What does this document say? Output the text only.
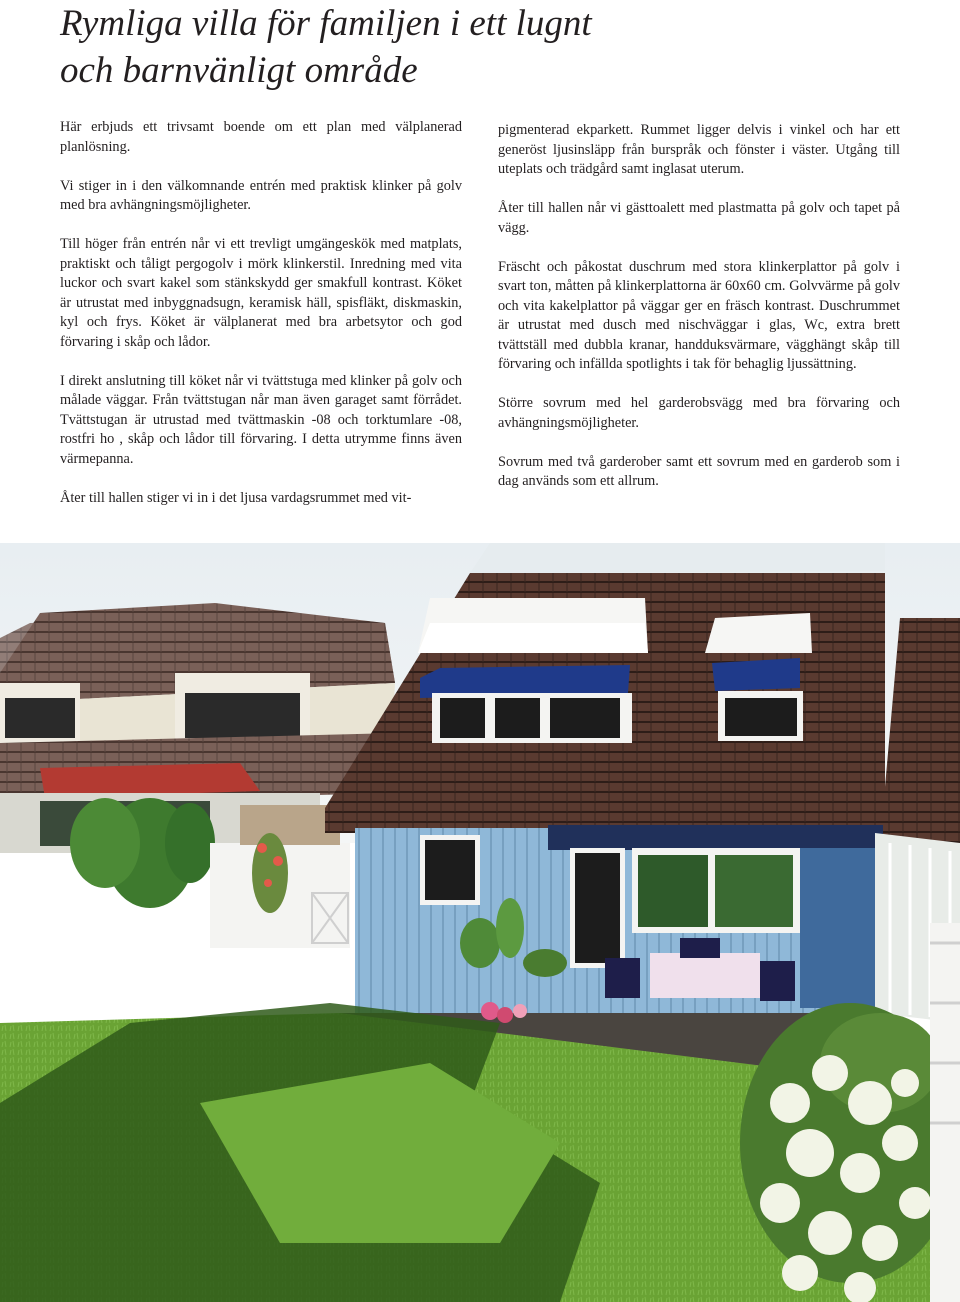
Rymliga villa för familjen i ett lugnt
och barnvänligt område

Här erbjuds ett trivsamt boende om ett plan med välplanerad planlösning.

Vi stiger in i den välkomnande entrén med praktisk klinker på golv med bra avhängningsmöjligheter.

Till höger från entrén når vi ett trevligt umgängeskök med matplats, praktiskt och tåligt pergogolv i mörk klinkerstil. Inredning med vita luckor och svart kakel som stänkskydd ger smakfull kontrast. Köket är utrustat med inbyggnadsugn, keramisk häll, spisfläkt, diskmaskin, kyl och frys. Köket är välplanerat med bra arbetsytor och god förvaring i skåp och lådor.

I direkt anslutning till köket når vi tvättstuga med klinker på golv och målade väggar. Från tvättstugan når man även garaget samt förrådet. Tvättstugan är utrustad med tvättmaskin -08 och torktumlare -08, rostfri ho , skåp och lådor till förvaring. I detta utrymme finns även värmepanna.

Åter till hallen stiger vi in i det ljusa vardagsrummet med vit-

pigmenterad ekparkett. Rummet ligger delvis i vinkel och har ett generöst ljusinsläpp från burspråk och fönster i väster. Utgång till uteplats och trädgård samt inglasat uterum.

Åter till hallen når vi gästtoalett med plastmatta på golv och tapet på vägg.

Fräscht och påkostat duschrum med stora klinkerplattor på golv i svart ton, måtten på klinkerplattorna är 60x60 cm. Golvvärme på golv och vita kakelplattor på väggar ger en fräsch kontrast. Duschrummet är utrustat med dusch med nischväggar i glas, Wc, extra brett tvättställ med dubbla kranar, handduksvärmare, vägghängt skåp till förvaring och infällda spotlights i tak för behaglig ljussättning.

Större sovrum med hel garderobsvägg med bra förvaring och avhängningsmöjligheter.

Sovrum med två garderober samt ett sovrum med en garderob som i dag används som ett allrum.
